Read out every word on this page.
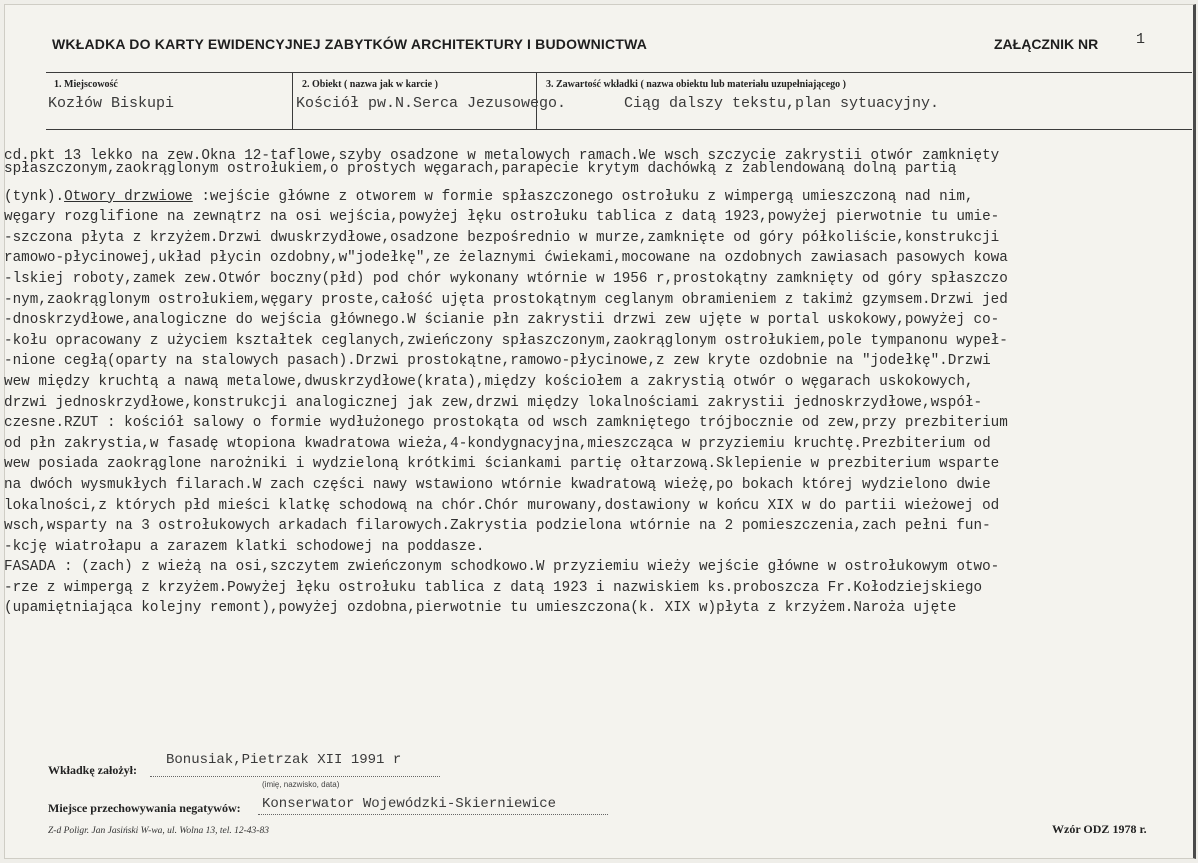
WKŁADKA DO KARTY EWIDENCYJNEJ ZABYTKÓW ARCHITEKTURY I BUDOWNICTWA	ZAŁĄCZNIK NR	1
1. Miejscowość
Kozłów Biskupi
2. Obiekt ( nazwa jak w karcie )
Kościół pw.N.Serca Jezusowego.
3. Zawartość wkładki ( nazwa obiektu lub materiału uzupełniającego )
Ciąg dalszy tekstu,plan sytuacyjny.
cd.pkt 13 lekko na zew.Okna 12-taflowe,szyby osadzone w metalowych ramach.We wsch szczycie zakrystii otwór zamknięty
spłaszczonym,zaokrąglonym ostrołukiem,o prostych węgarach,parapecie krytym dachówką z zablendowaną dolną partią
(tynk).Otwory drzwiowe :wejście główne z otworem w formie spłaszczonego ostrołuku z wimpergą umieszczoną nad nim,
węgary rozglifione na zewnątrz na osi wejścia,powyżej łęku ostrołuku tablica z datą 1923,powyżej pierwotnie tu umie-
-szczona płyta z krzyżem.Drzwi dwuskrzydłowe,osadzone bezpośrednio w murze,zamknięte od góry półkoliście,konstrukcji
ramowo-płycinowej,układ płycin ozdobny,w"jodełkę",ze żelaznymi ćwiekami,mocowane na ozdobnych zawiasach pasowych kowa
-lskiej roboty,zamek zew.Otwór boczny(płd) pod chór wykonany wtórnie w 1956 r,prostokątny zamknięty od góry spłaszczo
-nym,zaokrąglonym ostrołukiem,węgary proste,całość ujęta prostokątnym ceglanym obramieniem z takimż gzymsem.Drzwi jed
-dnoskrzydłowe,analogiczne do wejścia głównego.W ścianie płn zakrystii drzwi zew ujęte w portal uskokowy,powyżej co-
-kołu opracowany z użyciem kształtek ceglanych,zwieńczony spłaszczonym,zaokrąglonym ostrołukiem,pole tympanonu wypeł-
-nione cegłą(oparty na stalowych pasach).Drzwi prostokątne,ramowo-płycinowe,z zew kryte ozdobnie na "jodełkę".Drzwi
wew między kruchtą a nawą metalowe,dwuskrzydłowe(krata),między kościołem a zakrystią otwór o węgarach uskokowych,
drzwi jednoskrzydłowe,konstrukcji analogicznej jak zew,drzwi między lokalnościami zakrystii jednoskrzydłowe,współ-
czesne.RZUT : kościół salowy o formie wydłużonego prostokąta od wsch zamkniętego trójbocznie od zew,przy prezbiterium
od płn zakrystia,w fasadę wtopiona kwadratowa wieża,4-kondygnacyjna,mieszcząca w przyziemiu kruchtę.Prezbiterium od
wew posiada zaokrąglone narożniki i wydzieloną krótkimi ściankami partię ołtarzową.Sklepienie w prezbiterium wsparte
na dwóch wysmukłych filarach.W zach części nawy wstawiono wtórnie kwadratową wieżę,po bokach której wydzielono dwie
lokalności,z których płd mieści klatkę schodową na chór.Chór murowany,dostawiony w końcu XIX w do partii wieżowej od
wsch,wsparty na 3 ostrołukowych arkadach filarowych.Zakrystia podzielona wtórnie na 2 pomieszczenia,zach pełni fun-
-kcję wiatrołapu a zarazem klatki schodowej na poddasze.
FASADA : (zach) z wieżą na osi,szczytem zwieńczonym schodkowo.W przyziemiu wieży wejście główne w ostrołukowym otwo-
-rze z wimpergą z krzyżem.Powyżej łęku ostrołuku tablica z datą 1923 i nazwiskiem ks.proboszcza Fr.Kołodziejskiego
(upamiętniająca kolejny remont),powyżej ozdobna,pierwotnie tu umieszczona(k. XIX w)płyta z krzyżem.Naroża ujęte
Wkładkę założył:
Bonusiak,Pietrzak XII 1991 r
(imię, nazwisko, data)
Miejsce przechowywania negatywów: Konserwator Wojewódzki-Skierniewice
Z-d Poligr. Jan Jasiński W-wa, ul. Wolna 13, tel. 12-43-83	Wzór ODZ 1978 r.
